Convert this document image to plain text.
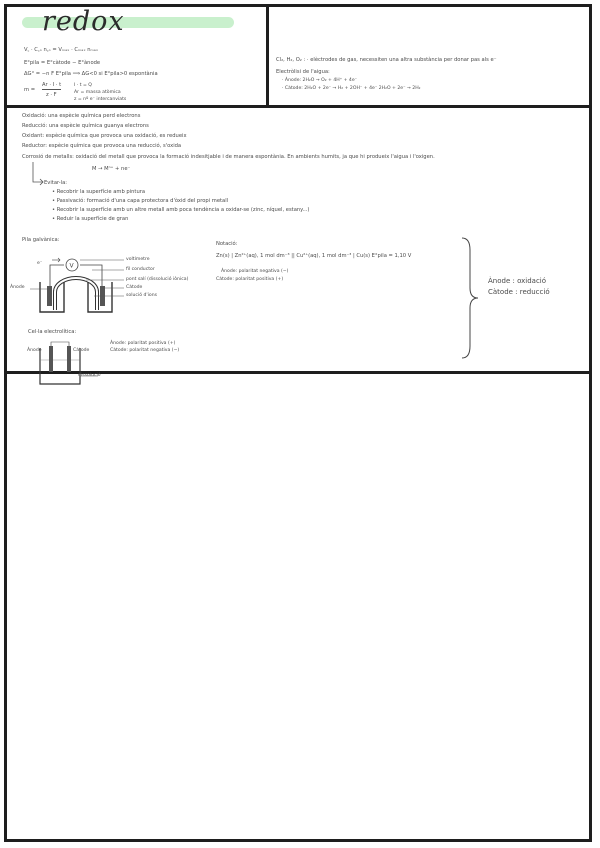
redox
V꜀ · C꜀ₒ n꜀ₒ = Vₘₐₓ · Cₘₐₓ nₘₐₓ
E°pila = E°càtode − E°ànode
ΔG° = −n F E°pila ⟹ ΔG<0 si E°pila>0 espontània
m =
Ar · I · t
z · F
I · t = Q
Ar = massa atòmica
z = nº e⁻ intercanviats
Cl₂, H₂, O₂ : · elèctrodes de gas, necessiten una altra substància per donar pas als e⁻
Electròlisi de l'aigua:
· Ànode: 2H₂O → O₂ + 4H⁺ + 4e⁻
· Càtode: 2H₂O + 2e⁻ → H₂ + 2OH⁻ + 4e⁻ 2H₂O + 2e⁻ → 2H₂
Oxidació: una espècie química perd electrons
Reducció: una espècie química guanya electrons
Oxidant: espècie química que provoca una oxidació, es redueix
Reductor: espècie química que provoca una reducció, s'oxida
Corrosió de metalls: oxidació del metall que provoca la formació indesitjable i de manera espontània. En ambients humits, ja que hi produeix l'aigua i l'oxigen.
M → Mⁿ⁺ + ne⁻
Evitar-la:
• Recobrir la superfície amb pintura
• Passivació: formació d'una capa protectora d'òxid del propi metall
• Recobrir la superfície amb un altre metall amb poca tendència a oxidar-se (zinc, níquel, estany...)
• Reduir la superfície de gran
Pila galvànica:
V
e⁻
voltímetre
fil conductor
pont salí (dissolució iònica)
Càtode
solució d'ions
Ànode
Notació:
Zn(s) | Zn²⁺(aq), 1 mol dm⁻³ || Cu²⁺(aq), 1 mol dm⁻³ | Cu(s) E°pila = 1,10 V
Ànode: polaritat negativa (−)
Càtode: polaritat positiva (+)	Ànode : oxidació
Càtode : reducció
Cel·la electrolítica:
Ànode	Càtode
dissolució
Ànode: polaritat positiva (+)
Càtode: polaritat negativa (−)
